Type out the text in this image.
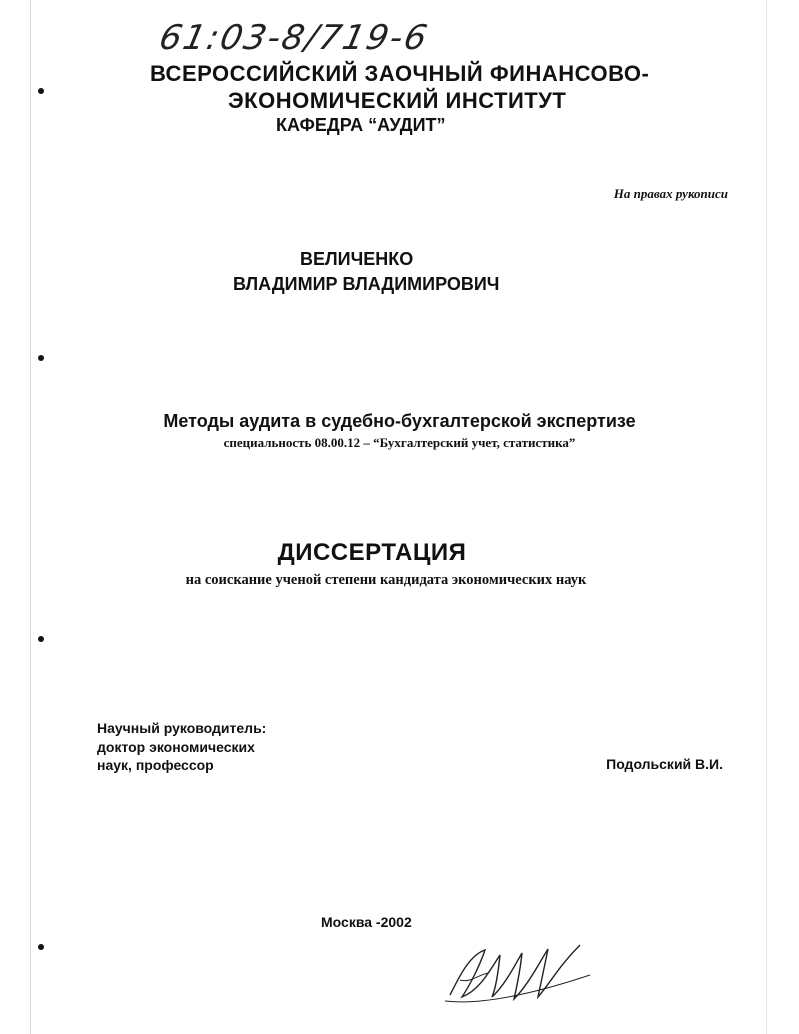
61:03-8/719-6

ВСЕРОССИЙСКИЙ ЗАОЧНЫЙ ФИНАНСОВО-

ЭКОНОМИЧЕСКИЙ ИНСТИТУТ

КАФЕДРА “АУДИТ”

На правах рукописи

ВЕЛИЧЕНКО

ВЛАДИМИР ВЛАДИМИРОВИЧ

Методы аудита в судебно-бухгалтерской экспертизе

специальность 08.00.12 – “Бухгалтерский учет, статистика”

ДИССЕРТАЦИЯ

на соискание ученой степени кандидата экономических наук

Научный руководитель:

доктор экономических

наук, профессор	Подольский В.И.

Москва -2002
